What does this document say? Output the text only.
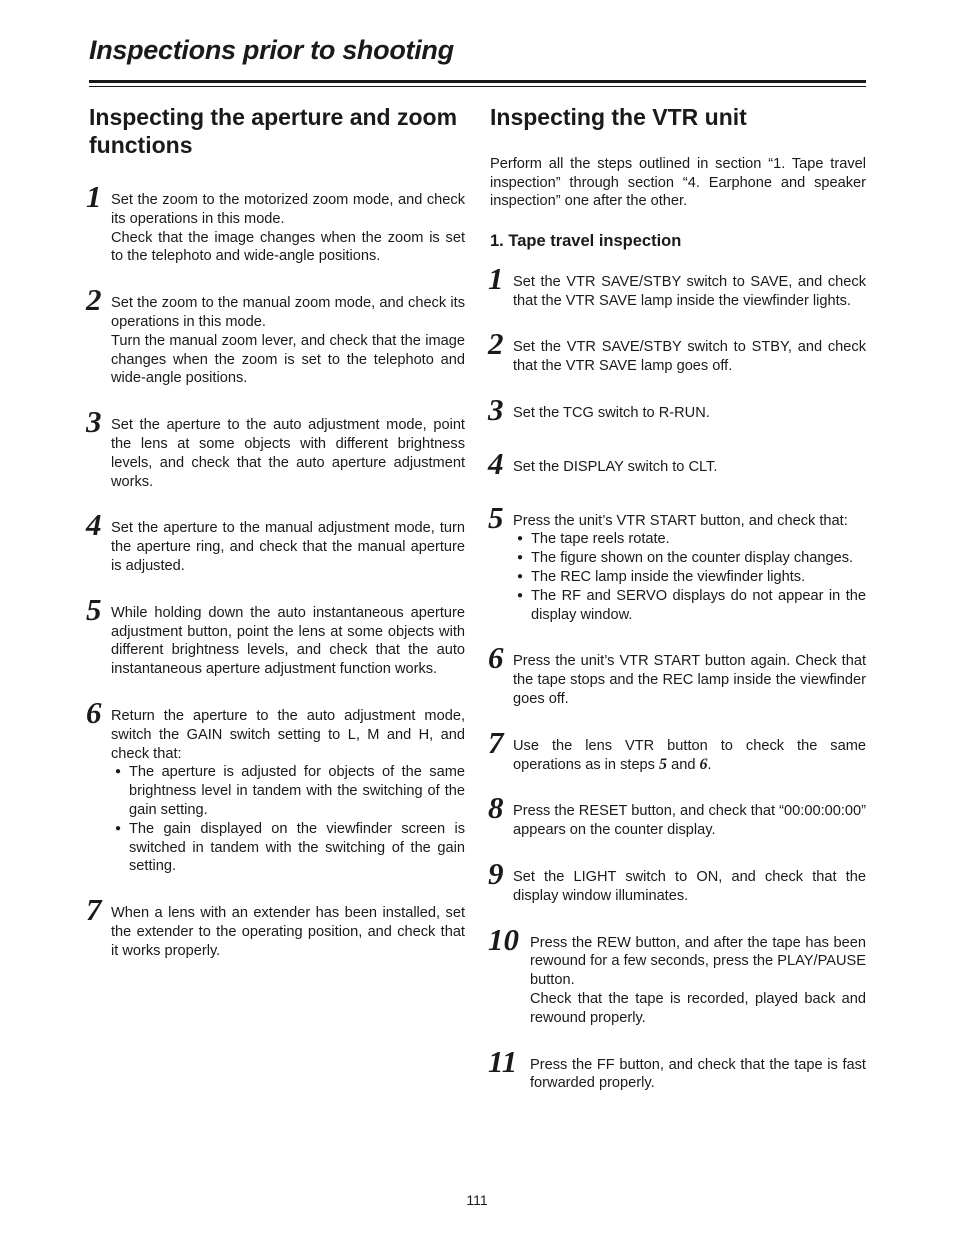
Inspections prior to shooting
Inspecting the aperture and zoom functions
1 Set the zoom to the motorized zoom mode, and check its operations in this mode.

Check that the image changes when the zoom is set to the telephoto and wide-angle positions.

2 Set the zoom to the manual zoom mode, and check its operations in this mode.

Turn the manual zoom lever, and check that the image changes when the zoom is set to the telephoto and wide-angle positions.

3 Set the aperture to the auto adjustment mode, point the lens at some objects with different brightness levels, and check that the auto aperture adjustment works.

4 Set the aperture to the manual adjustment mode, turn the aperture ring, and check that the manual aperture is adjusted.

5 While holding down the auto instantaneous aperture adjustment button, point the lens at some objects with different brightness levels, and check that the auto instantaneous aperture adjustment function works.

6 Return the aperture to the auto adjustment mode, switch the GAIN switch setting to L, M and H, and check that:

● The aperture is adjusted for objects of the same brightness level in tandem with the switching of the gain setting.
● The gain displayed on the viewfinder screen is switched in tandem with the switching of the gain setting.
7 When a lens with an extender has been installed, set the extender to the operating position, and check that it works properly.

Inspecting the VTR unit

Perform all the steps outlined in section “1. Tape travel inspection” through section “4. Earphone and speaker inspection” one after the other.

1. Tape travel inspection
1 Set the VTR SAVE/STBY switch to SAVE, and check that the VTR SAVE lamp inside the viewfinder lights.

2 Set the VTR SAVE/STBY switch to STBY, and check that the VTR SAVE lamp goes off.

3 Set the TCG switch to R-RUN.

4 Set the DISPLAY switch to CLT.

5 Press the unit’s VTR START button, and check that:

● The tape reels rotate.
● The figure shown on the counter display changes.
● The REC lamp inside the viewfinder lights.
● The RF and SERVO displays do not appear in the display window.
6 Press the unit’s VTR START button again. Check that the tape stops and the REC lamp inside the viewfinder goes off.

7 Use the lens VTR button to check the same operations as in steps 5 and 6.

8 Press the RESET button, and check that “00:00:00:00” appears on the counter display.

9 Set the LIGHT switch to ON, and check that the display window illuminates.

10 Press the REW button, and after the tape has been rewound for a few seconds, press the PLAY/PAUSE button.

Check that the tape is recorded, played back and rewound properly.

11 Press the FF button, and check that the tape is fast forwarded properly.

111
